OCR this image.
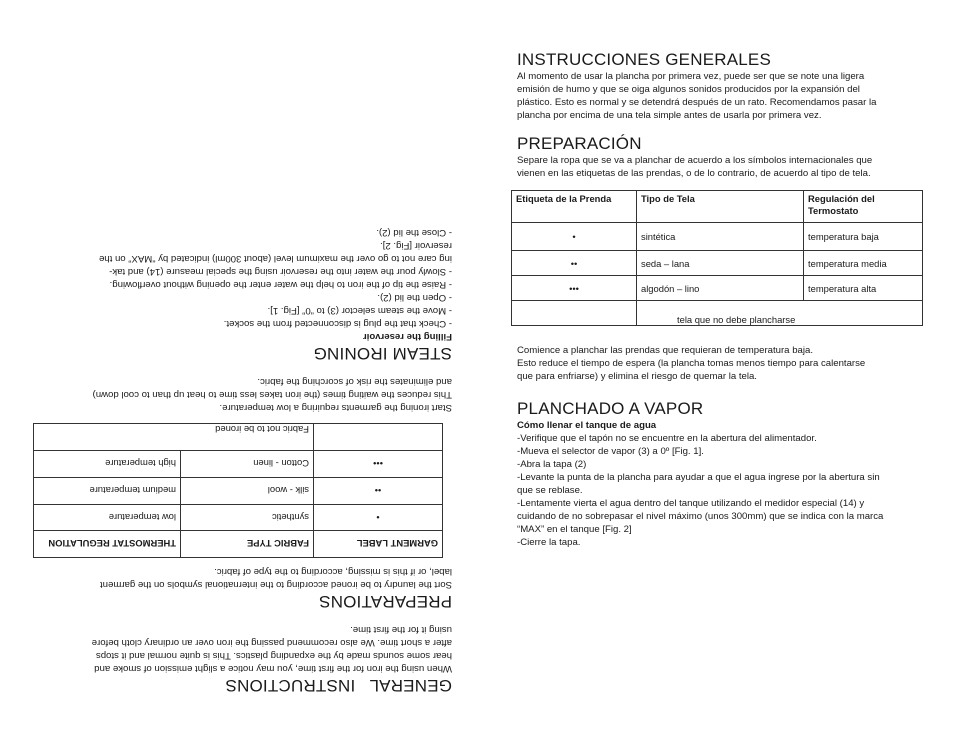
INSTRUCCIONES GENERALES

Al momento de usar la plancha por primera vez, puede ser que se note una ligera

emisión de humo y que se oiga algunos sonidos producidos por la expansión del

plástico. Esto es normal y se detendrá después de un rato. Recomendamos pasar la

plancha por encima de una tela simple antes de usarla por primera vez.

PREPARACIÓN

Separe la ropa que se va a planchar de acuerdo a los símbolos internacionales que

vienen en las etiquetas de las prendas, o de lo contrario, de acuerdo al tipo de tela.

Etiqueta de la Prenda	Tipo de Tela	Regulación del Termostato
•	sintética	temperatura baja
••	seda – lana	temperatura media
•••	algodón – lino	temperatura alta
	tela que no debe plancharse	

Comience a planchar las prendas que requieran de temperatura baja.

Esto reduce el tiempo de espera (la plancha tomas menos tiempo para calentarse

que para enfriarse) y elimina el riesgo de quemar la tela.

PLANCHADO A VAPOR

Cómo llenar el tanque de agua

-Verifique que el tapón no se encuentre en la abertura del alimentador.

-Mueva el selector de vapor (3) a 0º [Fig. 1].

-Abra la tapa (2)

-Levante la punta de la plancha para ayudar a que el agua ingrese por la abertura sin

que se reblase.

-Lentamente vierta el agua dentro del tanque utilizando el medidor especial (14) y

cuidando de no sobrepasar el nivel máximo (unos 300mm) que se indica con la marca

“MAX” en el tanque [Fig. 2]

-Cierre la tapa.

GENERAL   INSTRUCTIONS

When using the iron for the first time, you may notice a slight emission of smoke and

hear some sounds made by the expanding plastics. This is quite normal and it stops

after a short time. We also recommend passing the iron over an ordinary cloth before

using it for the first time.

PREPARATIONS

Sort the laundry to be ironed according to the international symbols on the garment

label, or if this is missing, according to the type of fabric.

GARMENT LABEL	FABRIC TYPE	THERMOSTAT REGULATION
•	synthetic	low temperature
••	silk - wool	medium temperature
•••	Cotton - linen	high temperature
	Fabric not to be ironed	

Start ironing the garments requiring a low temperature.

This reduces the waiting times (the iron takes less time to heat up than to cool down)

and eliminates the risk of scorching the fabric.

STEAM IRONING

Filling the reservoir

- Check that the plug is disconnected from the socket.

- Move the steam selector (3) to “0” [Fig. 1].

- Open the lid (2).

- Raise the tip of the iron to help the water enter the opening without overflowing.

- Slowly pour the water into the reservoir using the special measure (14) and tak-

ing care not to go over the maximum level (about 300ml) indicated by “MAX” on the

reservoir [Fig. 2].

- Close the lid (2).
